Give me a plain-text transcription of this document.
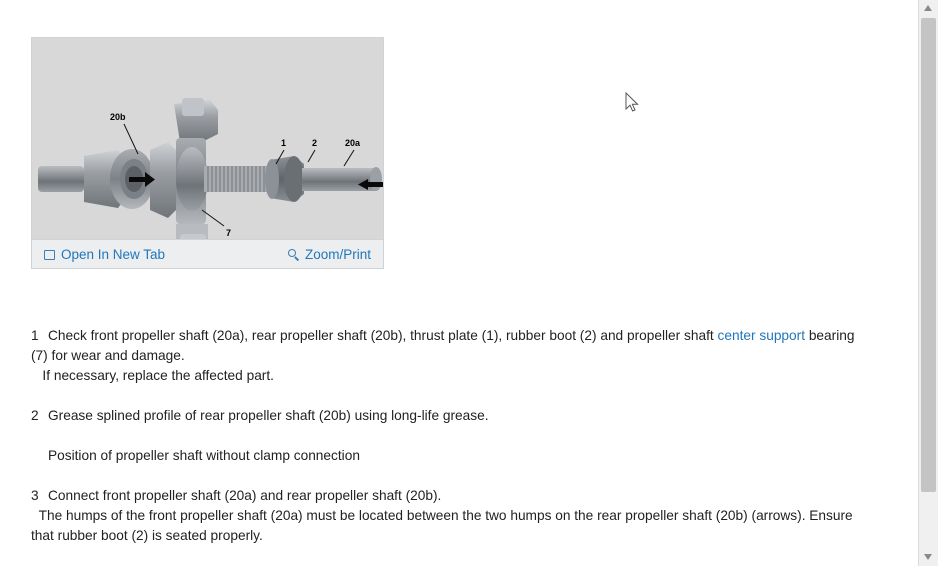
20b
1	2	20a
7
Open In New Tab	Zoom/Print
1 Check front propeller shaft (20a), rear propeller shaft (20b), thrust plate (1), rubber boot (2) and propeller shaft center support bearing
(7) for wear and damage.
If necessary, replace the affected part.
2 Grease splined profile of rear propeller shaft (20b) using long-life grease.
Position of propeller shaft without clamp connection
3 Connect front propeller shaft (20a) and rear propeller shaft (20b).
The humps of the front propeller shaft (20a) must be located between the two humps on the rear propeller shaft (20b) (arrows). Ensure
that rubber boot (2) is seated properly.
